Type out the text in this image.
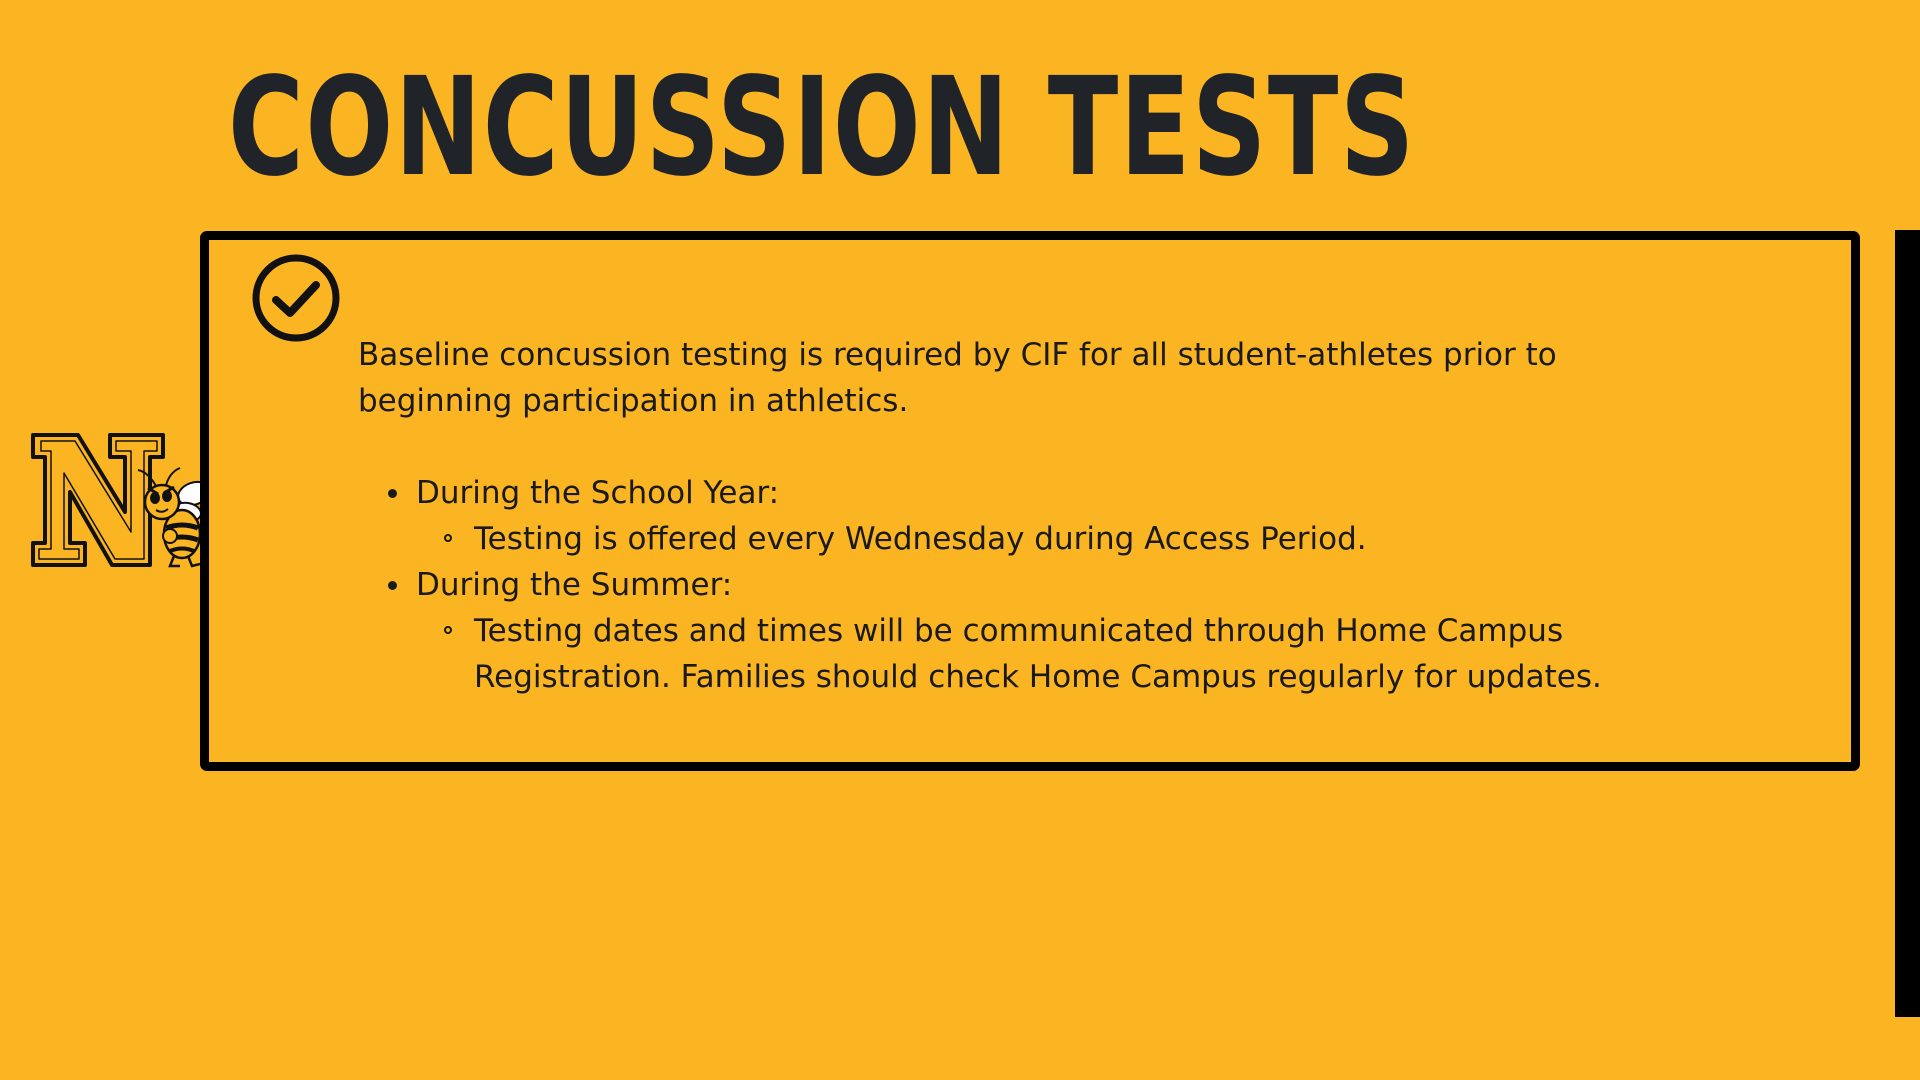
CONCUSSION TESTS

Baseline concussion testing is required by CIF for all student-athletes prior to beginning participation in athletics.

During the School Year:
Testing is offered every Wednesday during Access Period.
During the Summer:
Testing dates and times will be communicated through Home Campus Registration. Families should check Home Campus regularly for updates.
